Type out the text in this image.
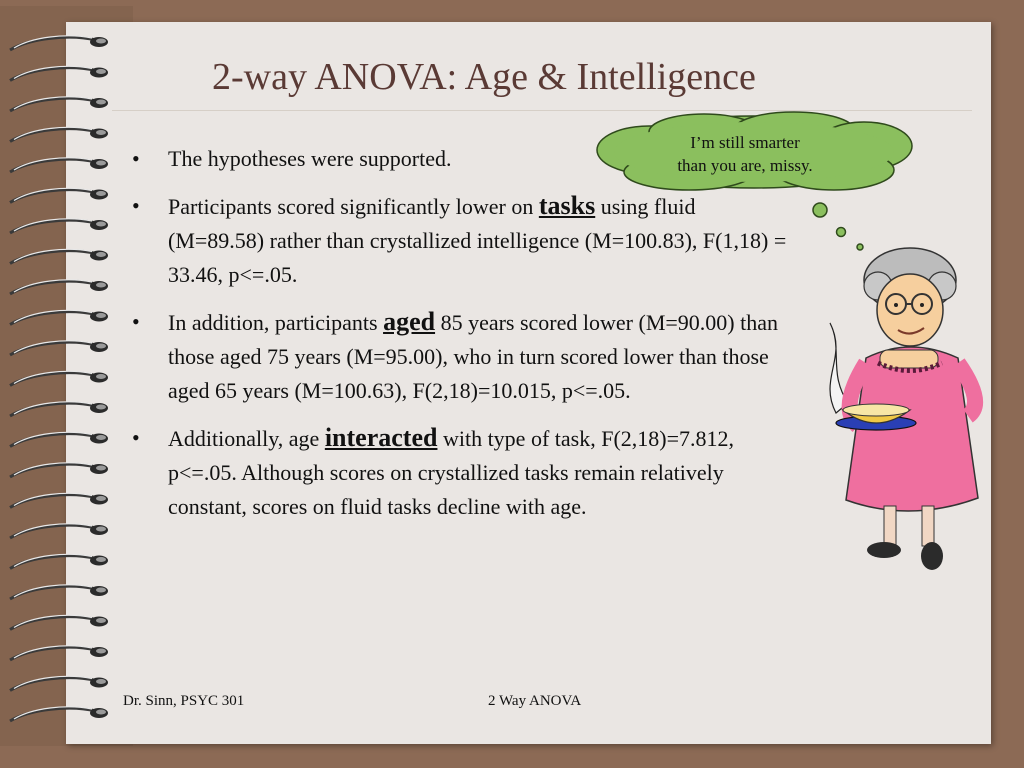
2-way ANOVA: Age & Intelligence
• The hypotheses were supported.
• Participants scored significantly lower on tasks using fluid (M=89.58) rather than crystallized intelligence (M=100.83), F(1,18) = 33.46, p<=.05.
• In addition, participants aged 85 years scored lower (M=90.00) than those aged 75 years (M=95.00), who in turn scored lower than those aged 65 years (M=100.63), F(2,18)=10.015, p<=.05.
• Additionally, age interacted with type of task, F(2,18)=7.812, p<=.05. Although scores on crystallized tasks remain relatively constant, scores on fluid tasks decline with age.
I’m still smarter
than you are, missy.
Dr. Sinn, PSYC 301	2 Way ANOVA
